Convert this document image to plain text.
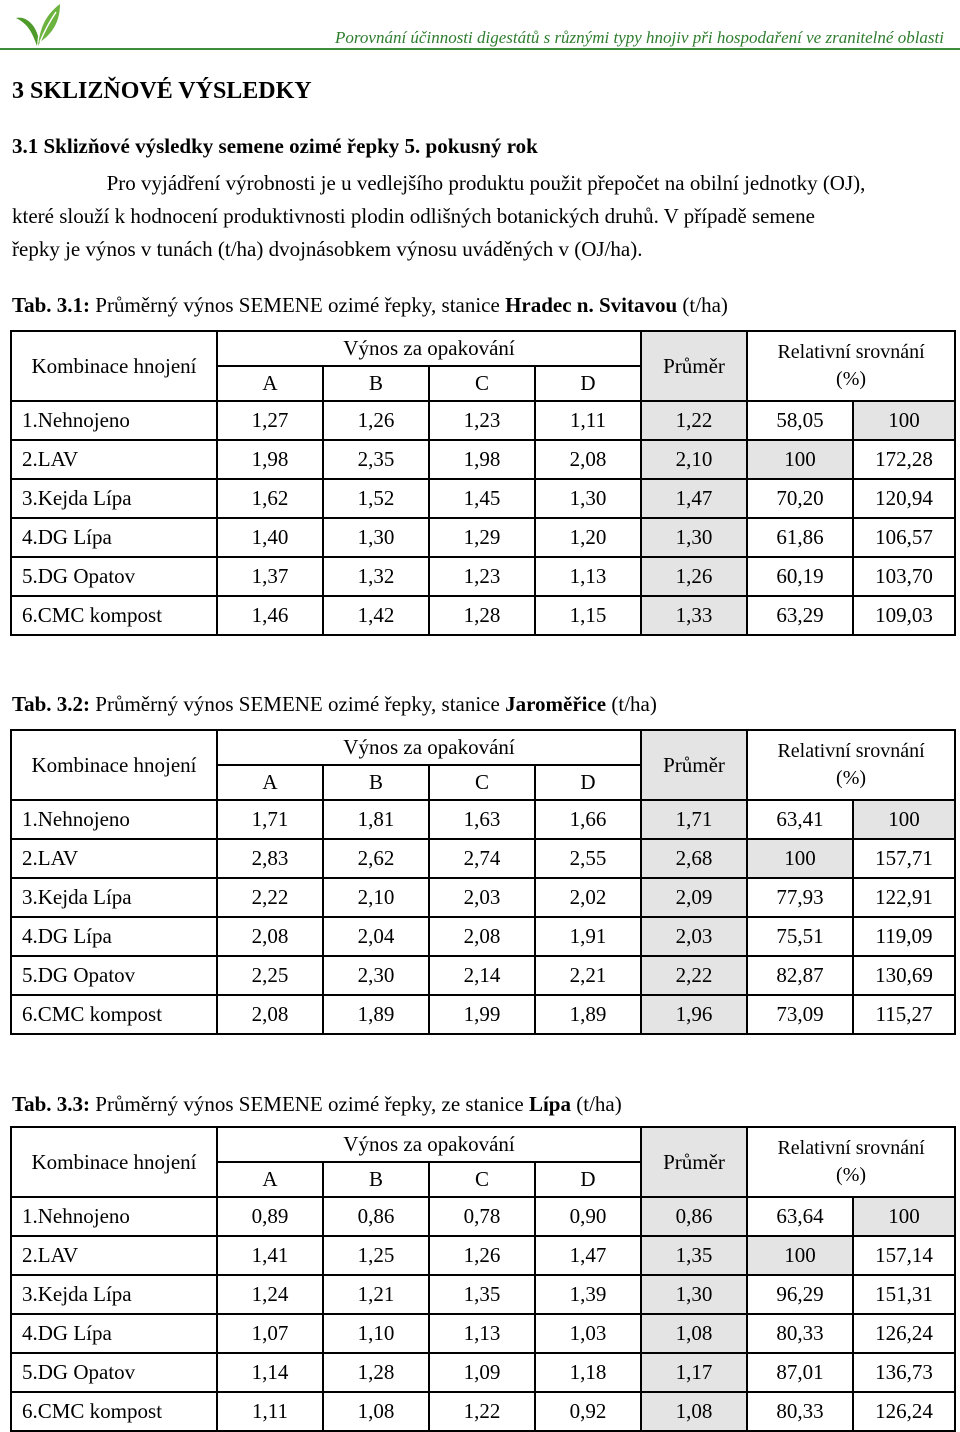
Porovnání účinnosti digestátů s různými typy hnojiv při hospodaření ve zranitelné oblasti
3 SKLIZŇOVÉ VÝSLEDKY
3.1 Sklizňové výsledky semene ozimé řepky 5. pokusný rok
Pro vyjádření výrobnosti je u vedlejšího produktu použit přepočet na obilní jednotky (OJ),
které slouží k hodnocení produktivnosti plodin odlišných botanických druhů. V případě semene
řepky je výnos v tunách (t/ha) dvojnásobkem výnosu uváděných v (OJ/ha).
Tab. 3.1: Průměrný výnos SEMENE ozimé řepky, stanice Hradec n. Svitavou (t/ha)
Kombinace hnojení	Výnos za opakování				Průměr	Relativní srovnání
(%)	

	A	B	C	D			
1.Nehnojeno	1,27	1,26	1,23	1,11	1,22	58,05	100
2.LAV	1,98	2,35	1,98	2,08	2,10	100	172,28
3.Kejda Lípa	1,62	1,52	1,45	1,30	1,47	70,20	120,94
4.DG Lípa	1,40	1,30	1,29	1,20	1,30	61,86	106,57
5.DG Opatov	1,37	1,32	1,23	1,13	1,26	60,19	103,70
6.CMC kompost	1,46	1,42	1,28	1,15	1,33	63,29	109,03
Tab. 3.2: Průměrný výnos SEMENE ozimé řepky, stanice Jaroměřice (t/ha)
Kombinace hnojení	Výnos za opakování				Průměr	Relativní srovnání
(%)	

	A	B	C	D			
1.Nehnojeno	1,71	1,81	1,63	1,66	1,71	63,41	100
2.LAV	2,83	2,62	2,74	2,55	2,68	100	157,71
3.Kejda Lípa	2,22	2,10	2,03	2,02	2,09	77,93	122,91
4.DG Lípa	2,08	2,04	2,08	1,91	2,03	75,51	119,09
5.DG Opatov	2,25	2,30	2,14	2,21	2,22	82,87	130,69
6.CMC kompost	2,08	1,89	1,99	1,89	1,96	73,09	115,27
Tab. 3.3: Průměrný výnos SEMENE ozimé řepky, ze stanice Lípa (t/ha)
Kombinace hnojení	Výnos za opakování				Průměr	Relativní srovnání
(%)	

	A	B	C	D			
1.Nehnojeno	0,89	0,86	0,78	0,90	0,86	63,64	100
2.LAV	1,41	1,25	1,26	1,47	1,35	100	157,14
3.Kejda Lípa	1,24	1,21	1,35	1,39	1,30	96,29	151,31
4.DG Lípa	1,07	1,10	1,13	1,03	1,08	80,33	126,24
5.DG Opatov	1,14	1,28	1,09	1,18	1,17	87,01	136,73
6.CMC kompost	1,11	1,08	1,22	0,92	1,08	80,33	126,24
